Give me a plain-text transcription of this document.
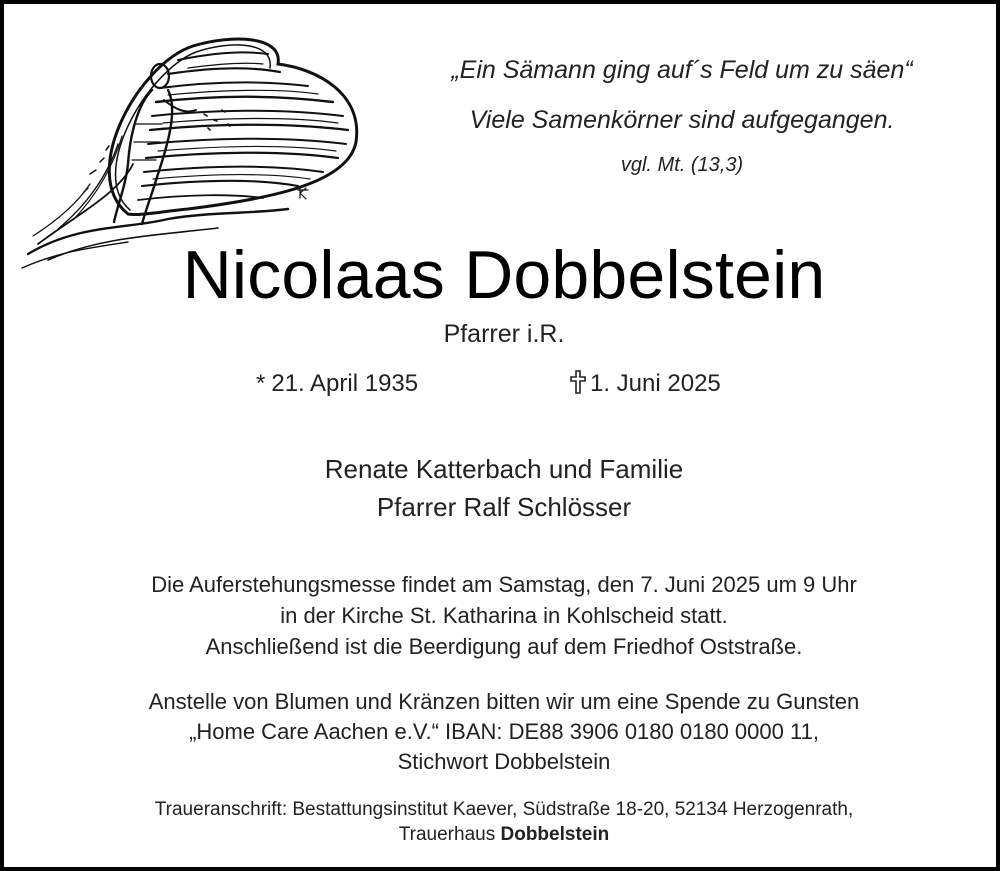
„Ein Sämann ging auf´s Feld um zu säen“
Viele Samenkörner sind aufgegangen.
vgl. Mt. (13,3)
Nicolaas Dobbelstein
Pfarrer i.R.
* 21. April 1935	1. Juni 2025
Renate Katterbach und Familie
Pfarrer Ralf Schlösser
Die Auferstehungsmesse findet am Samstag, den 7. Juni 2025 um 9 Uhr
in der Kirche St. Katharina in Kohlscheid statt.
Anschließend ist die Beerdigung auf dem Friedhof Oststraße.
Anstelle von Blumen und Kränzen bitten wir um eine Spende zu Gunsten
„Home Care Aachen e.V.“ IBAN: DE88 3906 0180 0180 0000 11,
Stichwort Dobbelstein
Traueranschrift: Bestattungsinstitut Kaever, Südstraße 18-20, 52134 Herzogenrath,
Trauerhaus Dobbelstein
